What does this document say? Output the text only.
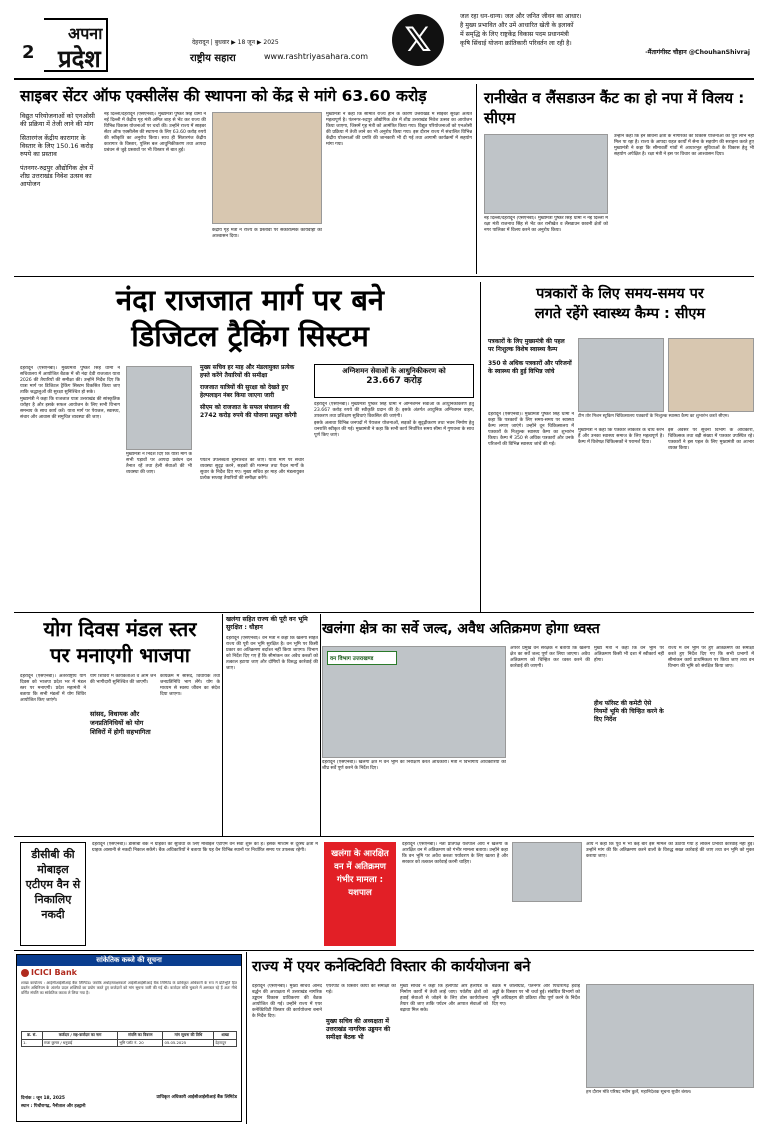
2
अपना
प्रदेश
देहरादून | बुधवार ▶ 18 जून ▶ 2025
राष्ट्रीय सहारा	www.rashtriyasahara.com	𝕏
जल रहा धन-धान्य। जल और जनित जीवन का आधार।
है मुख्य प्रभावित और उमें आधारित खेती के इलाकों
में समृद्धि के लिए राष्ट्रकेंद्र विकास पदम प्रधानमंत्री
कृषि सिंचाई योजना क्रांतिकारी परिवर्तन ला रही है।
-मैंतागंगीस्ट चौहान @ChouhanShivraj
साइबर सेंटर ऑफ एक्सीलेंस की स्थापना को केंद्र से मांगे 63.60 करोड़
विद्युत परियोजनाओं को एनओसी की प्रक्रिया में तेजी लाने की मांग
सितारगंज केंद्रीय कारागार के विस्तार के लिए 150.16 करोड़ रुपये का प्रस्ताव
पंतनगर-रुद्रपुर औद्योगिक क्षेत्र में शीघ्र उत्तराखंड निवेश उत्सव का आयोजन

नई दिल्ली/देहरादून (एसएनबी)। मुख्यमंत्री पुष्कर सिंह धामी ने नई दिल्ली में केंद्रीय गृह मंत्री अमित शाह से भेंट कर राज्य की विभिन्न विकास योजनाओं पर चर्चा की। उन्होंने राज्य में साइबर सेंटर ऑफ एक्सीलेंस की स्थापना के लिए 63.60 करोड़ रुपये की स्वीकृति का अनुरोध किया। साथ ही सितारगंज केंद्रीय कारागार के विस्तार, पुलिस बल आधुनिकीकरण तथा आपदा प्रबंधन से जुड़े प्रस्तावों पर भी विस्तार से बात हुई।

केंद्रीय गृह मंत्री ने राज्य के प्रस्तावों पर सकारात्मक कार्यवाही का आश्वासन दिया।

मुख्यमंत्री ने कहा कि सीमांत राज्य होने के कारण उत्तराखंड में साइबर सुरक्षा अत्यंत महत्वपूर्ण है। पंतनगर-रुद्रपुर औद्योगिक क्षेत्र में शीघ्र उत्तराखंड निवेश उत्सव का आयोजन किया जाएगा, जिसमें गृह मंत्री को आमंत्रित किया गया। विद्युत परियोजनाओं को एनओसी की प्रक्रिया में तेजी लाने का भी अनुरोध किया गया। इस दौरान राज्य में संचालित विभिन्न केंद्रीय योजनाओं की प्रगति की जानकारी भी दी गई तथा आगामी कार्यक्रमों में सहयोग मांगा गया।

रानीखेत व लैंसडाउन कैंट का हो नपा में विलय : सीएम

नई दिल्ली/देहरादून (एसएनबी)। मुख्यमंत्री पुष्कर सिंह धामी ने नई दिल्ली में रक्षा मंत्री राजनाथ सिंह से भेंट कर रानीखेत व लैंसडाउन छावनी क्षेत्रों को नगर पालिका में विलय करने का अनुरोध किया।

उन्होंने कहा कि इन छावनी क्षेत्रों के नागरिकों को विकास योजनाओं का पूरा लाभ नहीं मिल पा रहा है। राज्य के आपदा राहत कार्यों में सेना के सहयोग की सराहना करते हुए मुख्यमंत्री ने कहा कि सीमावर्ती गांवों में आधारभूत सुविधाओं के विकास हेतु भी सहयोग अपेक्षित है। रक्षा मंत्री ने इस पर विचार का आश्वासन दिया।

नंदा राजजात मार्ग पर बने
डिजिटल ट्रैकिंग सिस्टम

देहरादून (एसएनबी)। मुख्यमंत्री पुष्कर सिंह धामी ने सचिवालय में आयोजित बैठक में श्री नंदा देवी राजजात यात्रा 2026 की तैयारियों की समीक्षा की। उन्होंने निर्देश दिए कि यात्रा मार्ग पर डिजिटल ट्रैकिंग सिस्टम विकसित किया जाए ताकि श्रद्धालुओं की सुरक्षा सुनिश्चित हो सके।

मुख्यमंत्री ने कहा कि राजजात यात्रा उत्तराखंड की सांस्कृतिक धरोहर है और इसके सफल आयोजन के लिए सभी विभाग समन्वय के साथ कार्य करें। यात्रा मार्ग पर पेयजल, स्वास्थ्य, संचार और आवास की समुचित व्यवस्था की जाए।

मुख्यमंत्री ने निर्देश दिए कि यात्रा मार्ग के सभी पड़ावों पर आपदा प्रबंधन दल तैनात रहें तथा हेली सेवाओं की भी व्यवस्था की जाए।

मुख्य सचिव हर माह और मंडलायुक्त प्रत्येक हफ्ते करेंगे तैयारियों की समीक्षा
राजजात यात्रियों की सुरक्षा को देखते हुए हेल्पलाइन नंबर किया जाएगा जारी
सीएम को राजजात के सफल संचालन की 2742 करोड़ रुपये की योजना प्रस्तुत करेगी

पर्यटन उपलब्धता सुनिश्चित की जाए। यात्रा मार्ग पर संचार व्यवस्था सुदृढ़ करने, सड़कों की मरम्मत तथा पैदल मार्गों के सुधार के निर्देश दिए गए। मुख्य सचिव हर माह और मंडलायुक्त प्रत्येक सप्ताह तैयारियों की समीक्षा करेंगे।

अग्निशमन सेवाओं के आधुनिकीकरण को
23.667 करोड़

देहरादून (एसएनबी)। मुख्यमंत्री पुष्कर सिंह धामी ने अग्निशमन सेवाओं के आधुनिकीकरण हेतु 23.667 करोड़ रुपये की स्वीकृति प्रदान की है। इसके अंतर्गत आधुनिक अग्निशमन वाहन, उपकरण तथा प्रशिक्षण सुविधाएं विकसित की जाएंगी।

इसके अलावा विभिन्न जनपदों में पेयजल योजनाओं, सड़कों के सुदृढ़ीकरण तथा भवन निर्माण हेतु धनराशि स्वीकृत की गई। मुख्यमंत्री ने कहा कि सभी कार्य निर्धारित समय सीमा में गुणवत्ता के साथ पूर्ण किए जाएं।

पत्रकारों के लिए समय-समय पर
लगते रहेंगे स्वास्थ्य कैम्प : सीएम
पत्रकारों के लिए मुख्यमंत्री की पहल पर निःशुल्क विशेष स्वास्थ्य कैम्प
350 से अधिक पत्रकारों और परिजनों के स्वास्थ्य की हुई विभिन्न जांचे
टीम तोर मिशन स्टूकिम चिकित्सालय पत्रकारों के निःशुल्क स्वास्थ्य कैम्प का शुभारंभ करते सीएम।

देहरादून (एसएनबी)। मुख्यमंत्री पुष्कर सिंह धामी ने कहा कि पत्रकारों के लिए समय-समय पर स्वास्थ्य कैम्प लगाए जाएंगे। उन्होंने दून चिकित्सालय में पत्रकारों के निःशुल्क स्वास्थ्य कैम्प का शुभारंभ किया। कैम्प में 350 से अधिक पत्रकारों और उनके परिजनों की विभिन्न स्वास्थ्य जांचें की गईं।

मुख्यमंत्री ने कहा कि पत्रकार लोकतंत्र के चौथे स्तंभ हैं और उनका स्वास्थ्य समाज के लिए महत्वपूर्ण है। कैम्प में विशेषज्ञ चिकित्सकों ने परामर्श दिया।

इस अवसर पर सूचना विभाग के अधिकारी, चिकित्सक तथा बड़ी संख्या में पत्रकार उपस्थित रहे। पत्रकारों ने इस पहल के लिए मुख्यमंत्री का आभार व्यक्त किया।

योग दिवस मंडल स्तर
पर मनाएगी भाजपा

देहरादून (एसएनबी)। अंतरराष्ट्रीय योग दिवस को भाजपा प्रदेश भर में मंडल स्तर पर मनाएगी। प्रदेश महामंत्री ने बताया कि सभी मंडलों में योग शिविर आयोजित किए जाएंगे।

योग शिविरों में कार्यकर्ताओं व आम जन की भागीदारी सुनिश्चित की जाएगी।

सांसद, विधायक और जनप्रतिनिधियों को योग शिविरों में होगी सहभागिता

कार्यक्रम में सांसद, विधायक तथा जनप्रतिनिधि भाग लेंगे। योग के माध्यम से स्वस्थ जीवन का संदेश दिया जाएगा।

खलंगा सहित राज्य की पूरी वन भूमि सुरक्षित : धौहान

देहरादून (एसएनबी)। वन मंत्री ने कहा कि खलंगा सहित राज्य की पूरी वन भूमि सुरक्षित है। वन भूमि पर किसी प्रकार का अतिक्रमण बर्दाश्त नहीं किया जाएगा। विभाग को निर्देश दिए गए हैं कि सीमांकन कर अवैध कब्जों को तत्काल हटाया जाए और दोषियों के विरुद्ध कार्रवाई की जाए।

खलंगा क्षेत्र का सर्वे जल्द, अवैध अतिक्रमण होगा ध्वस्त
वन विभाग उत्तराखण्ड

देहरादून (एसएनबी)। खलंगा क्षेत्र में वन भूमि का निरीक्षण करते अधिकारी। मंत्री ने विभागीय अधिकारियों को शीघ्र सर्वे पूर्ण करने के निर्देश दिए।

अपरर प्रमुख वन संरक्षक ने बताया कि खलंगा क्षेत्र का सर्वे जल्द पूर्ण कर लिया जाएगा। अवैध अतिक्रमण को चिन्हित कर ध्वस्त करने की कार्रवाई की जाएगी।

हीथ फॉरेस्ट की कमेटी ऐसे नियमों भूमि की चिन्हित करने के दिए निर्देश

मुख्य मंत्री ने कहा कि वन भूमि पर अतिक्रमण किसी भी दशा में स्वीकार्य नहीं होगा।

राज्य में वन भूमि पर हुए अतिक्रमण की समीक्षा करते हुए निर्देश दिए गए कि सभी प्रभागों में सीमांकन कार्य प्राथमिकता पर किया जाए तथा वन विभाग की भूमि को संरक्षित किया जाए।

डीसीबी की मोबाइल एटीएम वैन से निकालिए नकदी

देहरादून (एसएनबी)। डीसीबी बैंक ने ग्राहकों की सुविधा के लिए मोबाइल एटीएम वैन सेवा शुरू की है। इसके माध्यम से दूरस्थ क्षेत्रों में ग्राहक आसानी से नकदी निकाल सकेंगे। बैंक अधिकारियों ने बताया कि यह वैन विभिन्न स्थानों पर निर्धारित समय पर उपलब्ध रहेगी।	खलंगा के आरक्षित वन में अतिक्रमण गंभीर मामला : यशपाल

देहरादून (एसएनबी)। नेता प्रतिपक्ष यशपाल आर्य ने खलंगा के आरक्षित वन में अतिक्रमण को गंभीर मामला बताया। उन्होंने कहा कि वन भूमि पर अवैध कब्जा पर्यावरण के लिए खतरा है और सरकार को तत्काल कार्रवाई करनी चाहिए।

आर्य ने कहा कि पूर्व में भी कई बार इस मामले को उठाया गया है लेकिन प्रभावी कार्रवाई नहीं हुई। उन्होंने मांग की कि अतिक्रमण करने वालों के विरुद्ध सख्त कार्रवाई की जाए तथा वन भूमि को मुक्त कराया जाए।

सांकेतिक कब्जे की सूचना
ICICI Bank

शाखा कार्यालय : आईसीआईसीआई बैंक लिमिटेड। जबकि अधोहस्ताक्षरकर्ता आईसीआईसीआई बैंक लिमिटेड के प्राधिकृत अधिकारी के रूप में प्रतिभूति हित प्रवर्तन अधिनियम के अंतर्गत प्रदत्त शक्तियों का प्रयोग करते हुए कर्जदारों को मांग सूचना जारी की गई थी। कर्जदार राशि चुकाने में असफल रहे हैं अतः नीचे वर्णित संपत्ति का सांकेतिक कब्जा ले लिया गया है।

क्र. सं.	कर्जदार / सह-कर्जदार का नाम	संपत्ति का विवरण	मांग सूचना की तिथि	शाखा
1.	राजा कुमार / धनुवाई	भूमि प्लॉट नं. 20	05.05.2025	देहरादून
दिनांक : जून 18, 2025
स्थान : पिथौरागढ़, नैनीताल और हल्द्वानी
प्राधिकृत अधिकारी आईसीआईसीआई बैंक लिमिटेड
राज्य में एयर कनेक्टिविटी विस्तार की कार्ययोजना बने

देहरादून (एसएनबी)। मुख्य सचिव आनंद बर्द्धन की अध्यक्षता में उत्तराखंड नागरिक उड्डयन विकास प्राधिकरण की बैठक आयोजित की गई। उन्होंने राज्य में एयर कनेक्टिविटी विस्तार की कार्ययोजना बनाने के निर्देश दिए।

मुख्य सचिव की अध्यक्षता में उत्तराखंड नागरिक उड्डयन की समीक्षा बैठक भी

एयरपोर्ट के विस्तार कार्यों की समीक्षा की गई।

मुख्य सचिव ने कहा कि हेलीपोर्ट और हेलीपैड के निर्माण कार्यों में तेजी लाई जाए। पर्वतीय क्षेत्रों को हवाई सेवाओं से जोड़ने के लिए ठोस कार्ययोजना तैयार की जाए ताकि पर्यटन और आपात सेवाओं को बढ़ावा मिल सके।

बैठक में जौलीग्रांट, पंतनगर और पिथौरागढ़ हवाई अड्डों के विस्तार पर भी चर्चा हुई। संबंधित विभागों को भूमि अधिग्रहण की प्रक्रिया शीघ्र पूर्ण करने के निर्देश दिए गए।

हम दौरान मंत्रि परिषद नवीन कुर्ले, महानिदेशक सूचना सुधीर बंसल।
